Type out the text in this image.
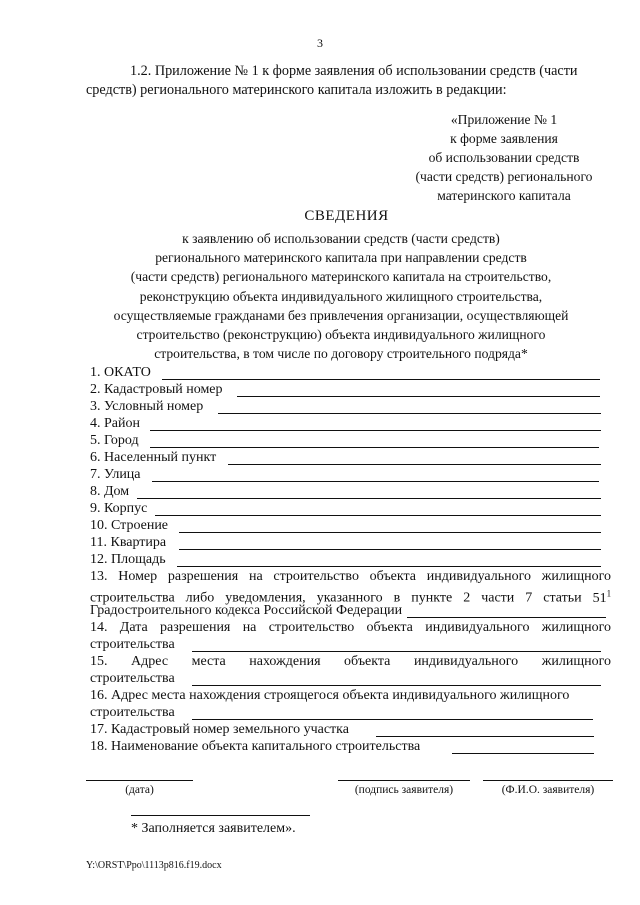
3
1.2. Приложение № 1 к форме заявления об использовании средств (части
средств) регионального материнского капитала изложить в редакции:
«Приложение № 1
к форме заявления
об использовании средств
(части средств) регионального
материнского капитала
СВЕДЕНИЯ
к заявлению об использовании средств (части средств)
регионального материнского капитала при направлении средств
(части средств) регионального материнского капитала на строительство,
реконструкцию объекта индивидуального жилищного строительства,
осуществляемые гражданами без привлечения организации, осуществляющей
строительство (реконструкцию) объекта индивидуального жилищного
строительства, в том числе по договору строительного подряда*
1. ОКАТО
2. Кадастровый номер
3. Условный номер
4. Район
5. Город
6. Населенный пункт
7. Улица
8. Дом
9. Корпус
10. Строение
11. Квартира
12. Площадь
13. Номер разрешения на строительство объекта индивидуального жилищного
строительства либо уведомления, указанного в пункте 2 части 7 статьи $51^1$
Градостроительного кодекса Российской Федерации
14. Дата разрешения на строительство объекта индивидуального жилищного
строительства
15. Адрес места нахождения объекта индивидуального жилищного
строительства
16. Адрес места нахождения строящегося объекта индивидуального жилищного
строительства
17. Кадастровый номер земельного участка
18. Наименование объекта капитального строительства
(дата)	(подпись заявителя)	(Ф.И.О. заявителя)
* Заполняется заявителем».
Y:\ORST\Ppo\1113p816.f19.docx
